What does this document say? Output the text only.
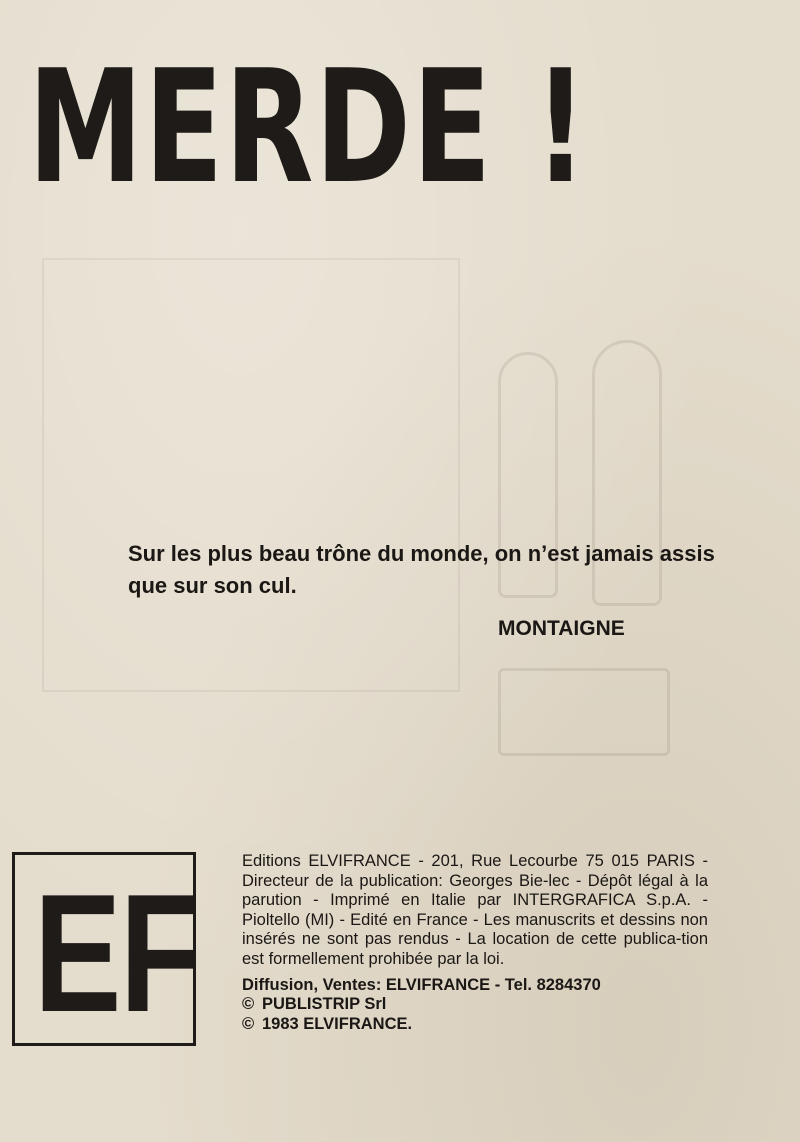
MERDE !

Sur les plus beau trône du monde, on n’est jamais assis que sur son cul.

MONTAIGNE

EF	Editions ELVIFRANCE - 201, Rue Lecourbe 75 015 PARIS - Directeur de la publication: Georges Bie-lec - Dépôt légal à la parution - Imprimé en Italie par INTERGRAFICA S.p.A. - Pioltello (MI) - Edité en France - Les manuscrits et dessins non insérés ne sont pas rendus - La location de cette publica-tion est formellement prohibée par la loi.

Diffusion, Ventes: ELVIFRANCE - Tel. 8284370

© PUBLISTRIP Srl

© 1983 ELVIFRANCE.
